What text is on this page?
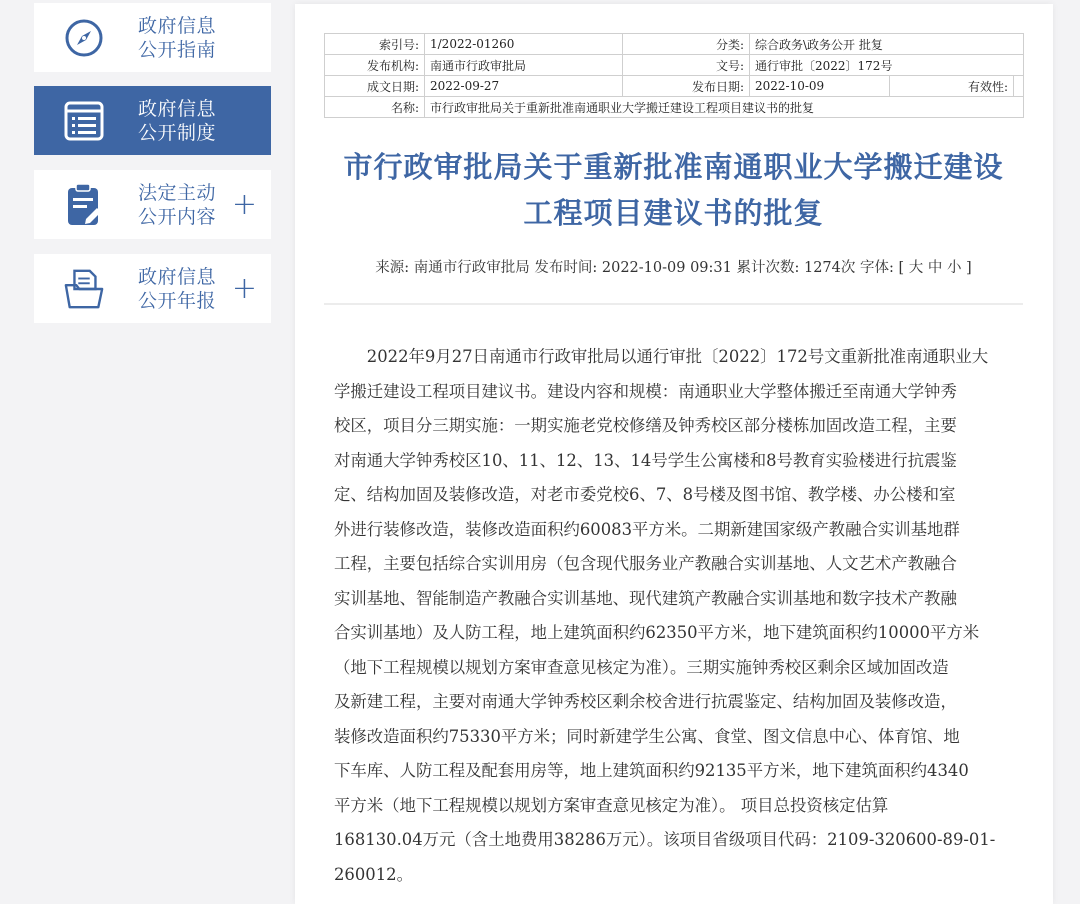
政府信息
公开指南
政府信息
公开制度
法定主动
公开内容 +
政府信息
公开年报 +
索引号:	1/2022-01260	分类:	综合政务\政务公开 批复		
发布机构:	南通市行政审批局	文号:	通行审批〔2022〕172号		
成文日期:	2022-09-27	发布日期:	2022-10-09	有效性:	
名称:	市行政审批局关于重新批准南通职业大学搬迁建设工程项目建议书的批复				
市行政审批局关于重新批准南通职业大学搬迁建设
工程项目建议书的批复
来源: 南通市行政审批局 发布时间: 2022-10-09 09:31 累计次数: 1274次 字体: [ 大 中 小 ]
　　2022年9月27日南通市行政审批局以通行审批〔2022〕172号文重新批准南通职业大
学搬迁建设工程项目建议书。建设内容和规模：南通职业大学整体搬迁至南通大学钟秀
校区，项目分三期实施：一期实施老党校修缮及钟秀校区部分楼栋加固改造工程，主要
对南通大学钟秀校区10、11、12、13、14号学生公寓楼和8号教育实验楼进行抗震鉴
定、结构加固及装修改造，对老市委党校6、7、8号楼及图书馆、教学楼、办公楼和室
外进行装修改造，装修改造面积约60083平方米。二期新建国家级产教融合实训基地群
工程，主要包括综合实训用房（包含现代服务业产教融合实训基地、人文艺术产教融合
实训基地、智能制造产教融合实训基地、现代建筑产教融合实训基地和数字技术产教融
合实训基地）及人防工程，地上建筑面积约62350平方米，地下建筑面积约10000平方米
（地下工程规模以规划方案审查意见核定为准）。三期实施钟秀校区剩余区域加固改造
及新建工程，主要对南通大学钟秀校区剩余校舍进行抗震鉴定、结构加固及装修改造，
装修改造面积约75330平方米；同时新建学生公寓、食堂、图文信息中心、体育馆、地
下车库、人防工程及配套用房等，地上建筑面积约92135平方米，地下建筑面积约4340
平方米（地下工程规模以规划方案审查意见核定为准）。 项目总投资核定估算
168130.04万元（含土地费用38286万元）。该项目省级项目代码：2109-320600-89-01-
260012。
